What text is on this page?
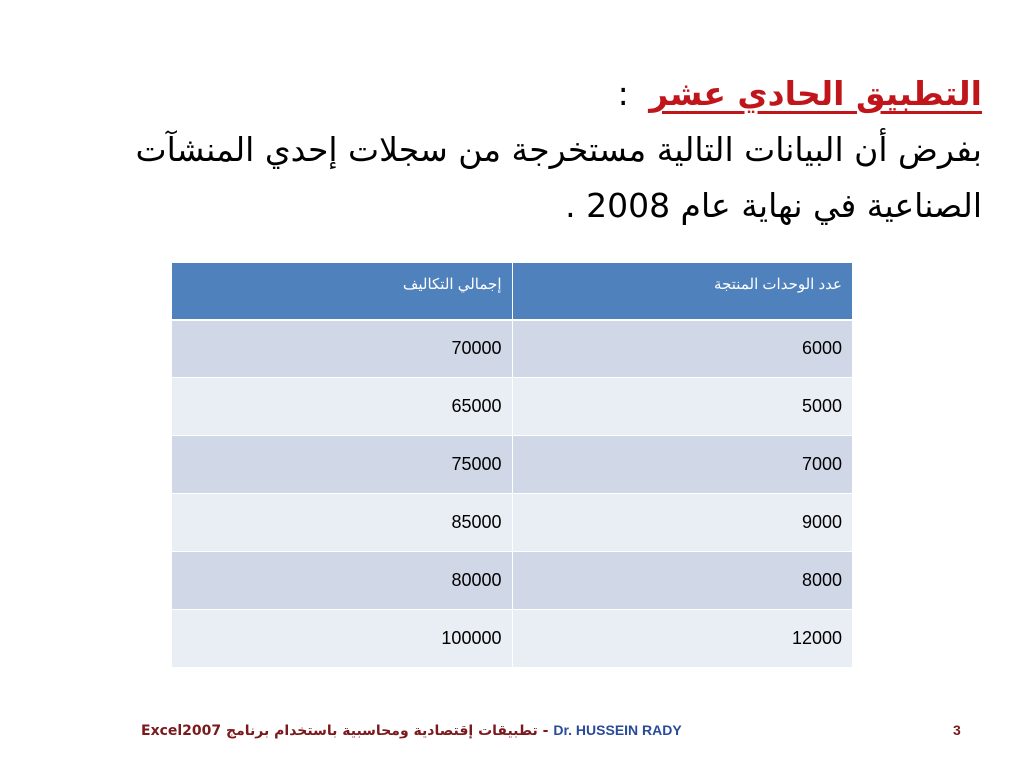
التطبيق الحادي عشر :
بفرض أن البيانات التالية مستخرجة من سجلات إحدي المنشآت
الصناعية في نهاية عام 2008 .
عدد الوحدات المنتجة	إجمالي التكاليف
6000	70000
5000	65000
7000	75000
9000	85000
8000	80000
12000	100000
Excel2007 تطبيقات إقتصادية ومحاسبية باستخدام برنامج - Dr. HUSSEIN RADY	3
